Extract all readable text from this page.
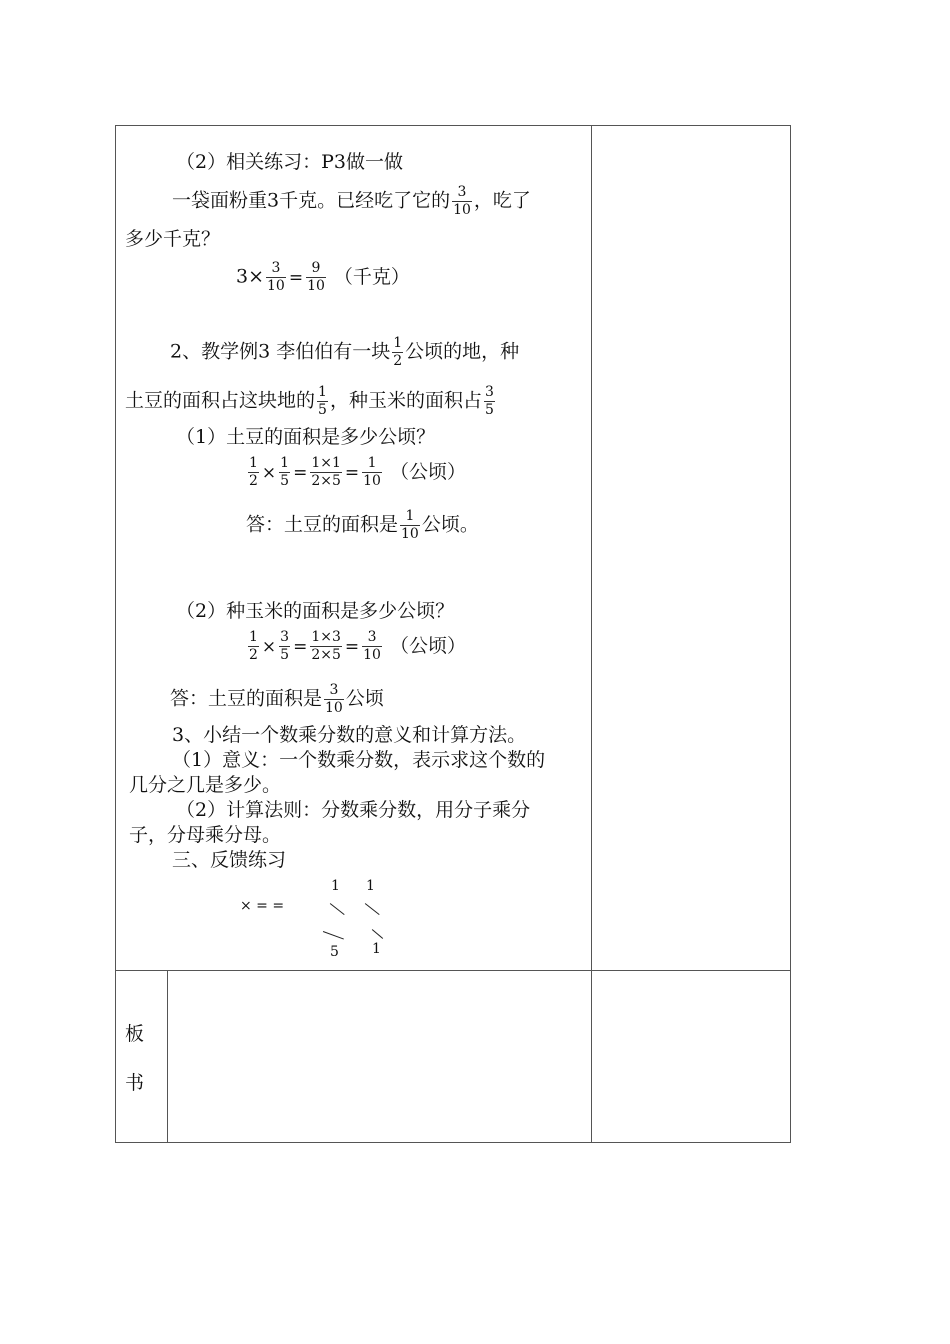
（2）相关练习：P3做一做
一袋面粉重3千克。已经吃了它的 $\frac{3}{10}$ ，吃了
多少千克？
$3\times \frac{3}{10} = \frac{9}{10}$ （千克）
2、教学例3 李伯伯有一块 $\frac{1}{2}$ 公顷的地，种
土豆的面积占这块地的 $\frac{1}{5}$ ，种玉米的面积占 $\frac{3}{5}$
（1）土豆的面积是多少公顷？
$\frac{1}{2} \times \frac{1}{5} = \frac{1\times 1}{2\times 5} = \frac{1}{10}$ （公顷）
答：土豆的面积是 $\frac{1}{10}$ 公顷。
（2）种玉米的面积是多少公顷？
$\frac{1}{2} \times \frac{3}{5} = \frac{1\times 3}{2\times 5} = \frac{3}{10}$ （公顷）
答：土豆的面积是 $\frac{3}{10}$ 公顷
3、小结一个数乘分数的意义和计算方法。
（1）意义：一个数乘分数，表示求这个数的
几分之几是多少。
（2）计算法则：分数乘分数，用分子乘分
子，分母乘分母。
三、反馈练习
× = =
1 1
5 1
板
书
